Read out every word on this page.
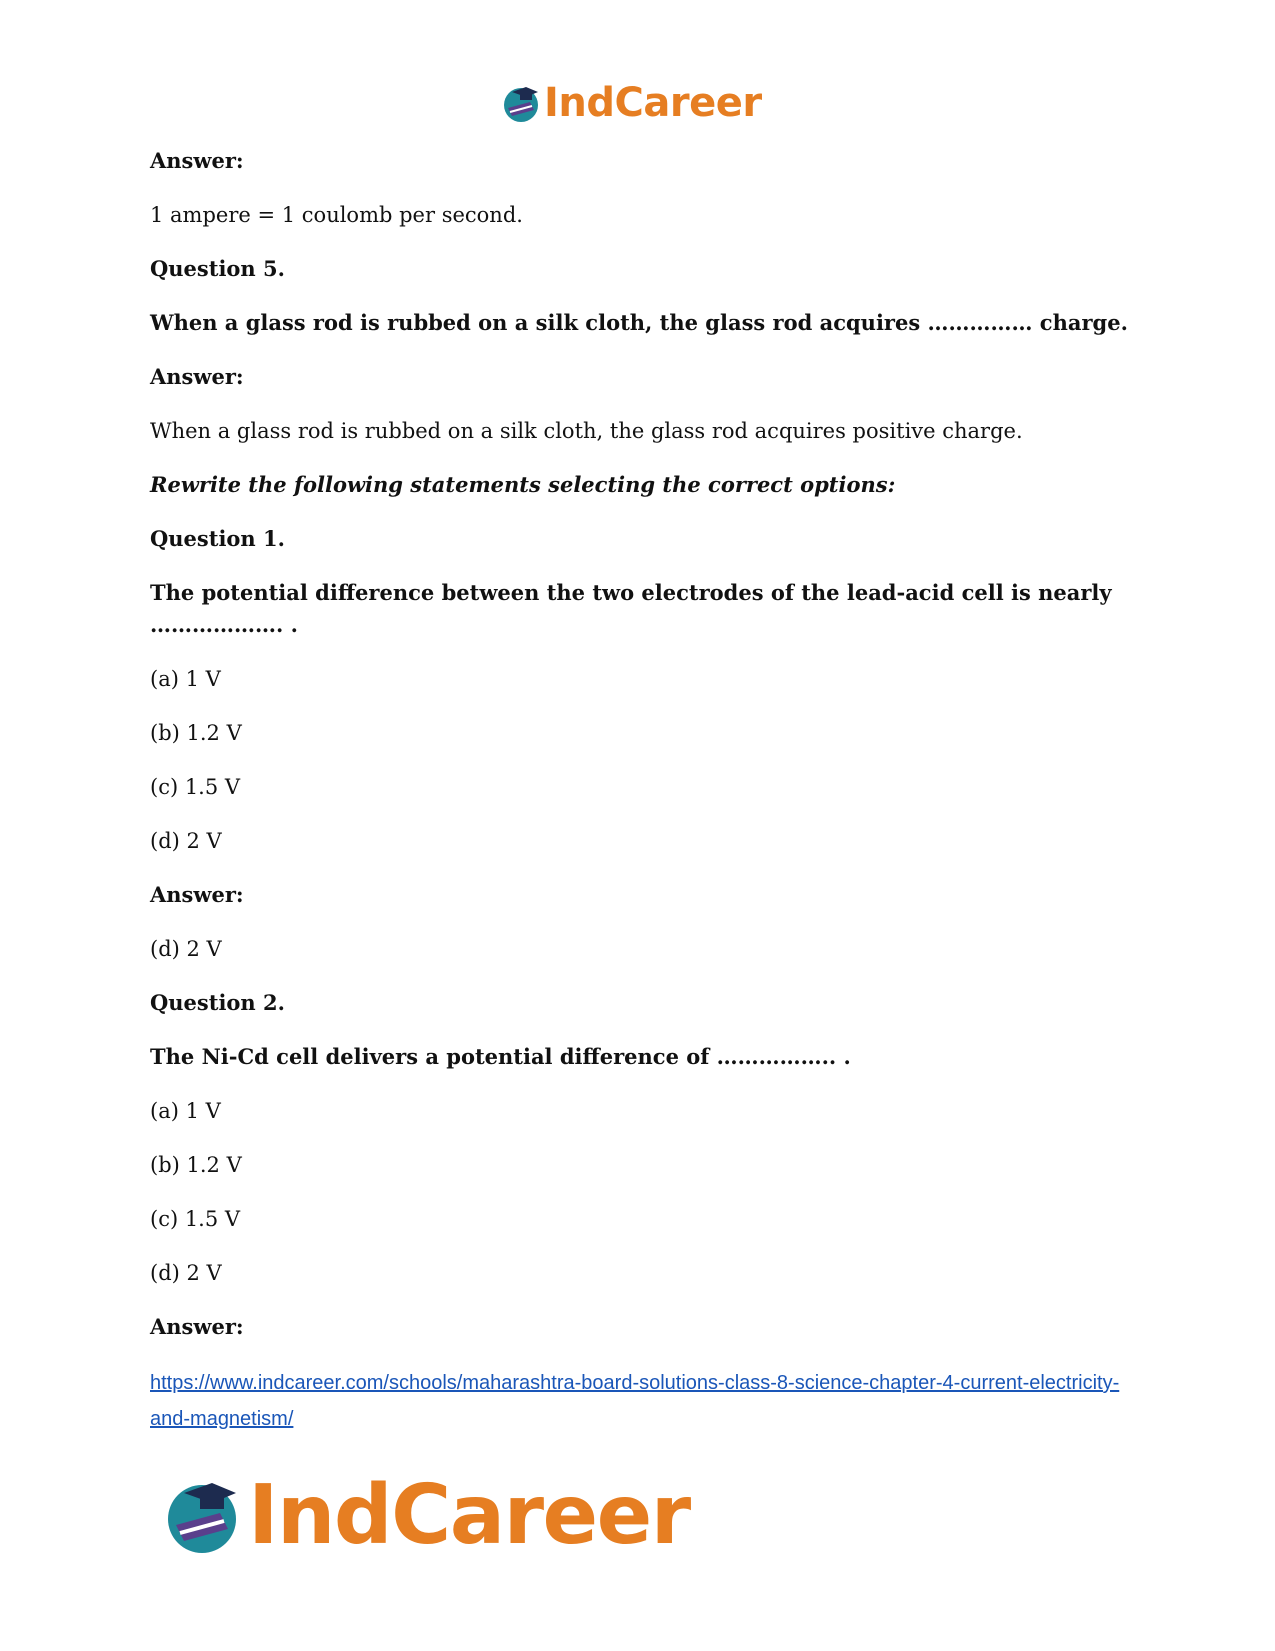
IndCareer

Answer:

1 ampere = 1 coulomb per second.

Question 5.

When a glass rod is rubbed on a silk cloth, the glass rod acquires …………… charge.

Answer:

When a glass rod is rubbed on a silk cloth, the glass rod acquires positive charge.

Rewrite the following statements selecting the correct options:

Question 1.

The potential difference between the two electrodes of the lead-acid cell is nearly ………………. .

(a) 1 V

(b) 1.2 V

(c) 1.5 V

(d) 2 V

Answer:

(d) 2 V

Question 2.

The Ni-Cd cell delivers a potential difference of …………….. .

(a) 1 V

(b) 1.2 V

(c) 1.5 V

(d) 2 V

Answer:

https://www.indcareer.com/schools/maharashtra-board-solutions-class-8-science-chapter-4-current-electricity-and-magnetism/
IndCareer
